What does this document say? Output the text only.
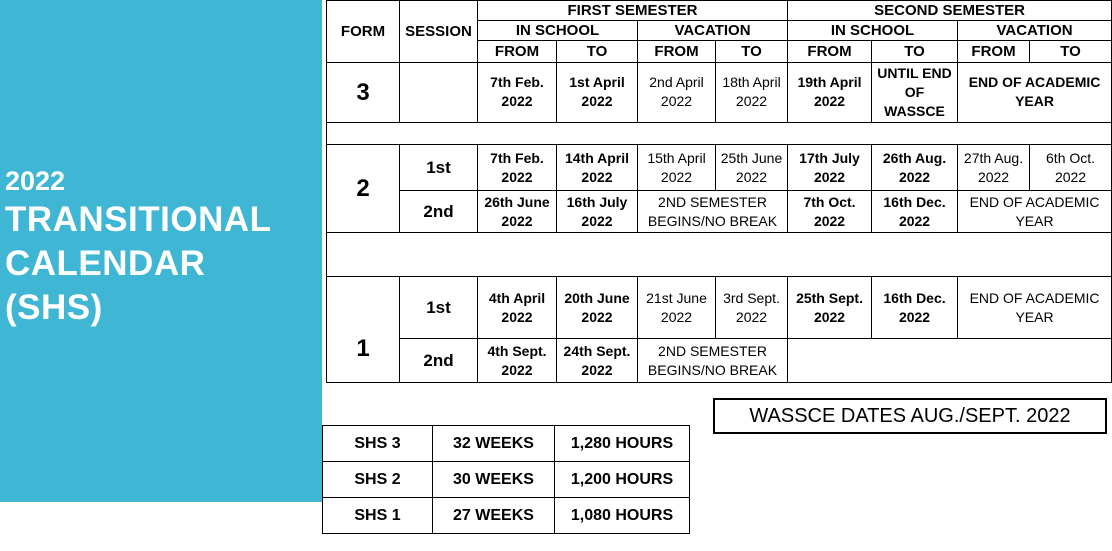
2022
TRANSITIONAL
CALENDAR
(SHS)
FORM	SESSION	FIRST SEMESTER				SECOND SEMESTER			
		IN SCHOOL		VACATION		IN SCHOOL		VACATION	
		FROM	TO	FROM	TO	FROM	TO	FROM	TO
3		7th Feb. 2022	1st April 2022	2nd April 2022	18th April 2022	19th April 2022	UNTIL END OF WASSCE	END OF ACADEMIC YEAR	

2	1st	7th Feb. 2022	14th April 2022	15th April 2022	25th June 2022	17th July 2022	26th Aug. 2022	27th Aug. 2022	6th Oct. 2022
	2nd	26th June 2022	16th July 2022	2ND SEMESTER BEGINS/NO BREAK		7th Oct. 2022	16th Dec. 2022	END OF ACADEMIC YEAR	

1	1st	4th April 2022	20th June 2022	21st June 2022	3rd Sept. 2022	25th Sept. 2022	16th Dec. 2022	END OF ACADEMIC YEAR	
	2nd	4th Sept. 2022	24th Sept. 2022	2ND SEMESTER BEGINS/NO BREAK					
WASSCE DATES AUG./SEPT. 2022
SHS 3	32 WEEKS	1,280 HOURS
SHS 2	30 WEEKS	1,200 HOURS
SHS 1	27 WEEKS	1,080 HOURS
